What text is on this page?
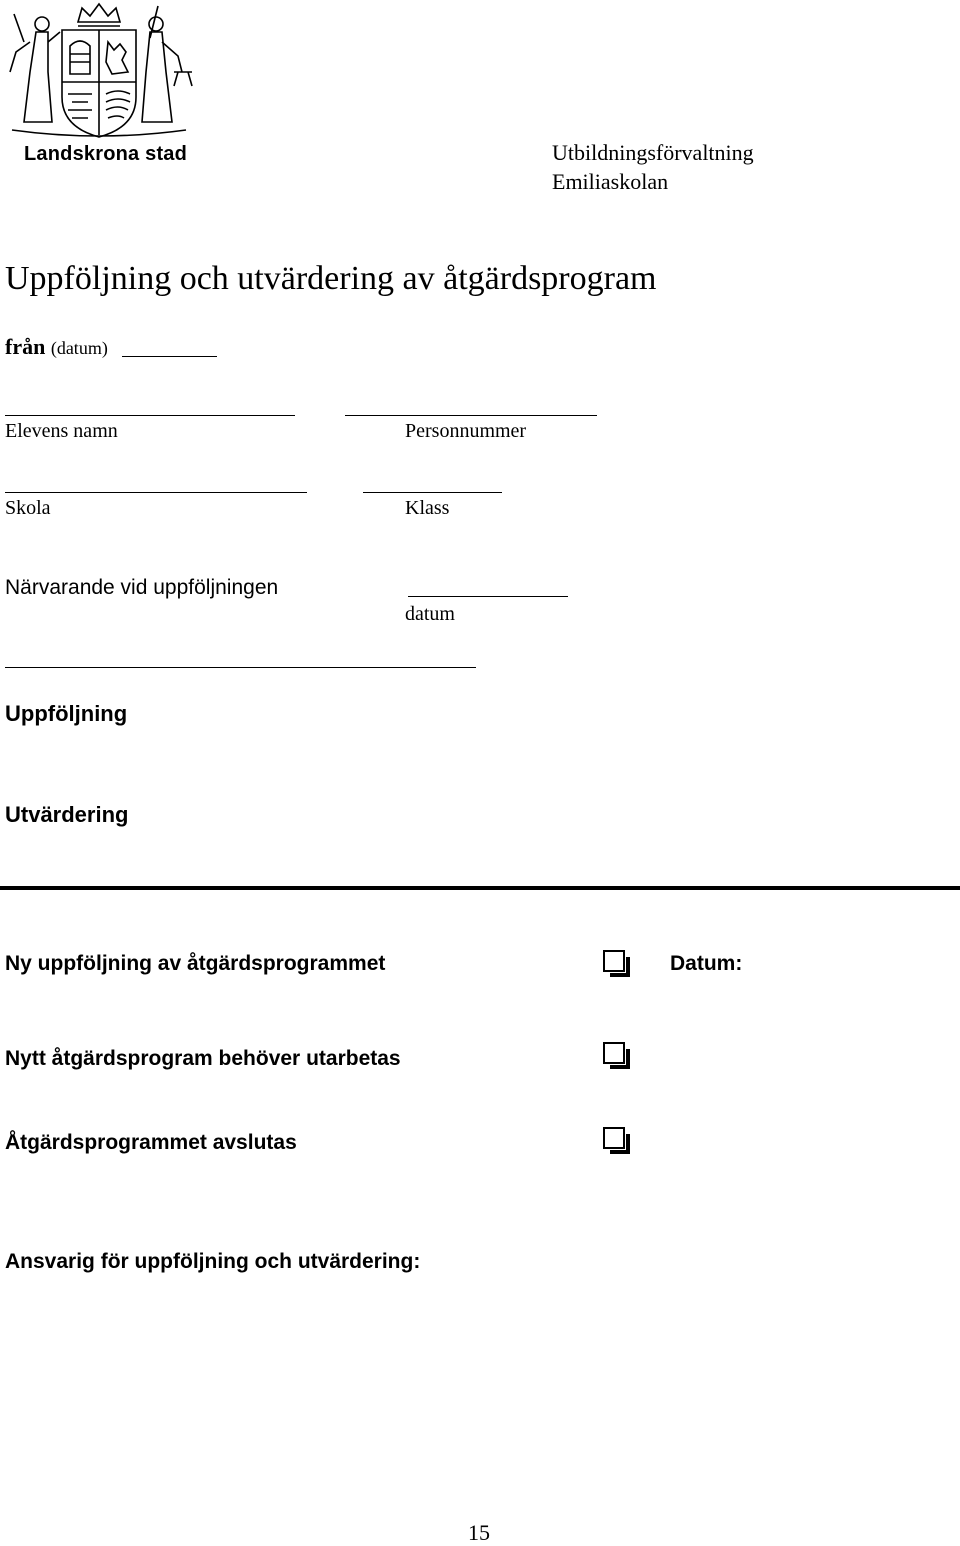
Landskrona stad	Utbildningsförvaltning
Emiliaskolan
Uppföljning och utvärdering av åtgärdsprogram
från (datum)
Elevens namn	Personnummer
Skola	Klass
Närvarande vid uppföljningen
datum
Uppföljning
Utvärdering
Ny uppföljning av åtgärdsprogrammet	Datum:
Nytt åtgärdsprogram behöver utarbetas
Åtgärdsprogrammet avslutas
Ansvarig för uppföljning och utvärdering:
15
